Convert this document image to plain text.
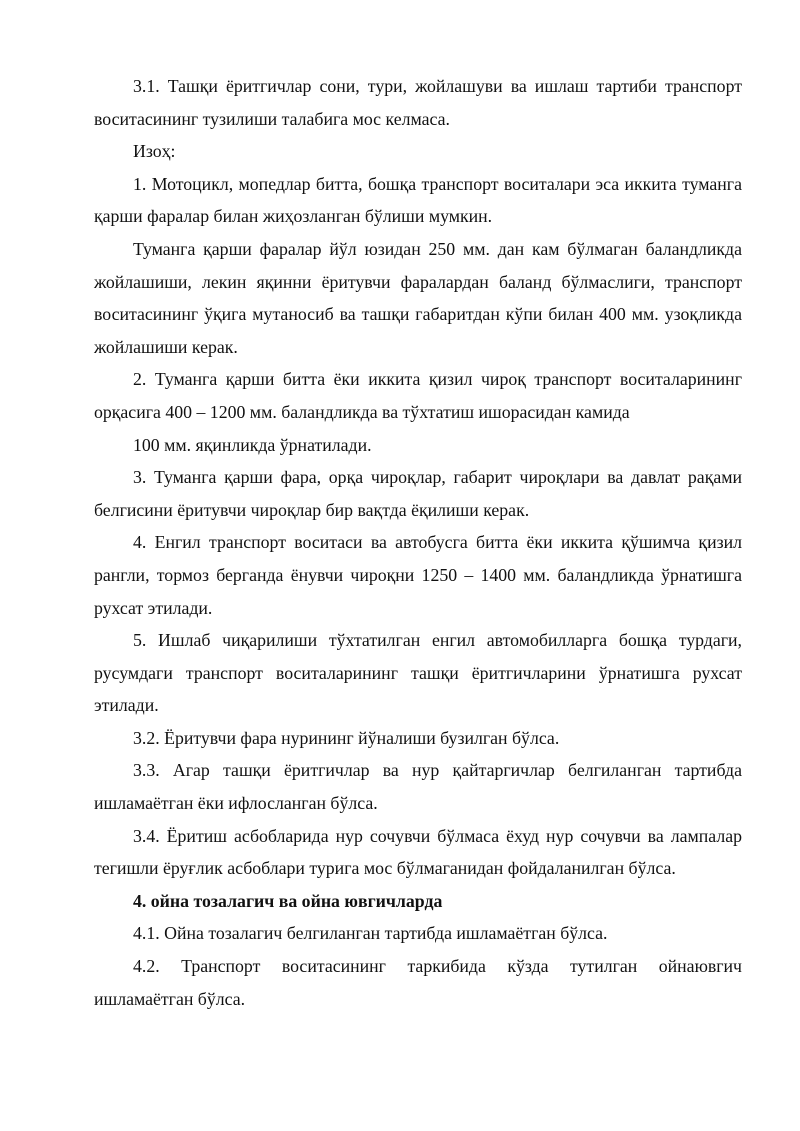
3.1. Ташқи ёритгичлар сони, тури, жойлашуви ва ишлаш тартиби транспорт воситасининг тузилиши талабига мос келмаса.

Изоҳ:

1. Мотоцикл, мопедлар битта, бошқа транспорт воситалари эса иккита туманга қарши фаралар билан жиҳозланган бўлиши мумкин.

Туманга қарши фаралар йўл юзидан 250 мм. дан кам бўлмаган баландликда жойлашиши, лекин яқинни ёритувчи фаралардан баланд бўлмаслиги, транспорт воситасининг ўқига мутаносиб ва ташқи габаритдан кўпи билан 400 мм. узоқликда жойлашиши керак.

2. Туманга қарши битта ёки иккита қизил чироқ транспорт воситаларининг орқасига 400 – 1200 мм. баландликда ва тўхтатиш ишорасидан камида

100 мм. яқинликда ўрнатилади.

3. Туманга қарши фара, орқа чироқлар, габарит чироқлари ва давлат рақами белгисини ёритувчи чироқлар бир вақтда ёқилиши керак.

4. Енгил транспорт воситаси ва автобусга битта ёки иккита қўшимча қизил рангли, тормоз берганда ёнувчи чироқни 1250 – 1400 мм. баландликда ўрнатишга рухсат этилади.

5. Ишлаб чиқарилиши тўхтатилган енгил автомобилларга бошқа турдаги, русумдаги транспорт воситаларининг ташқи ёритгичларини ўрнатишга рухсат этилади.

3.2. Ёритувчи фара нурининг йўналиши бузилган бўлса.

3.3. Агар ташқи ёритгичлар ва нур қайтаргичлар белгиланган тартибда ишламаётган ёки ифлосланган бўлса.

3.4. Ёритиш асбобларида нур сочувчи бўлмаса ёхуд нур сочувчи ва лампалар тегишли ёруғлик асбоблари турига мос бўлмаганидан фойдаланилган бўлса.

4. ойна тозалагич ва ойна ювгичларда

4.1. Ойна тозалагич белгиланган тартибда ишламаётган бўлса.

4.2. Транспорт воситасининг таркибида кўзда тутилган ойнаювгич ишламаётган бўлса.
